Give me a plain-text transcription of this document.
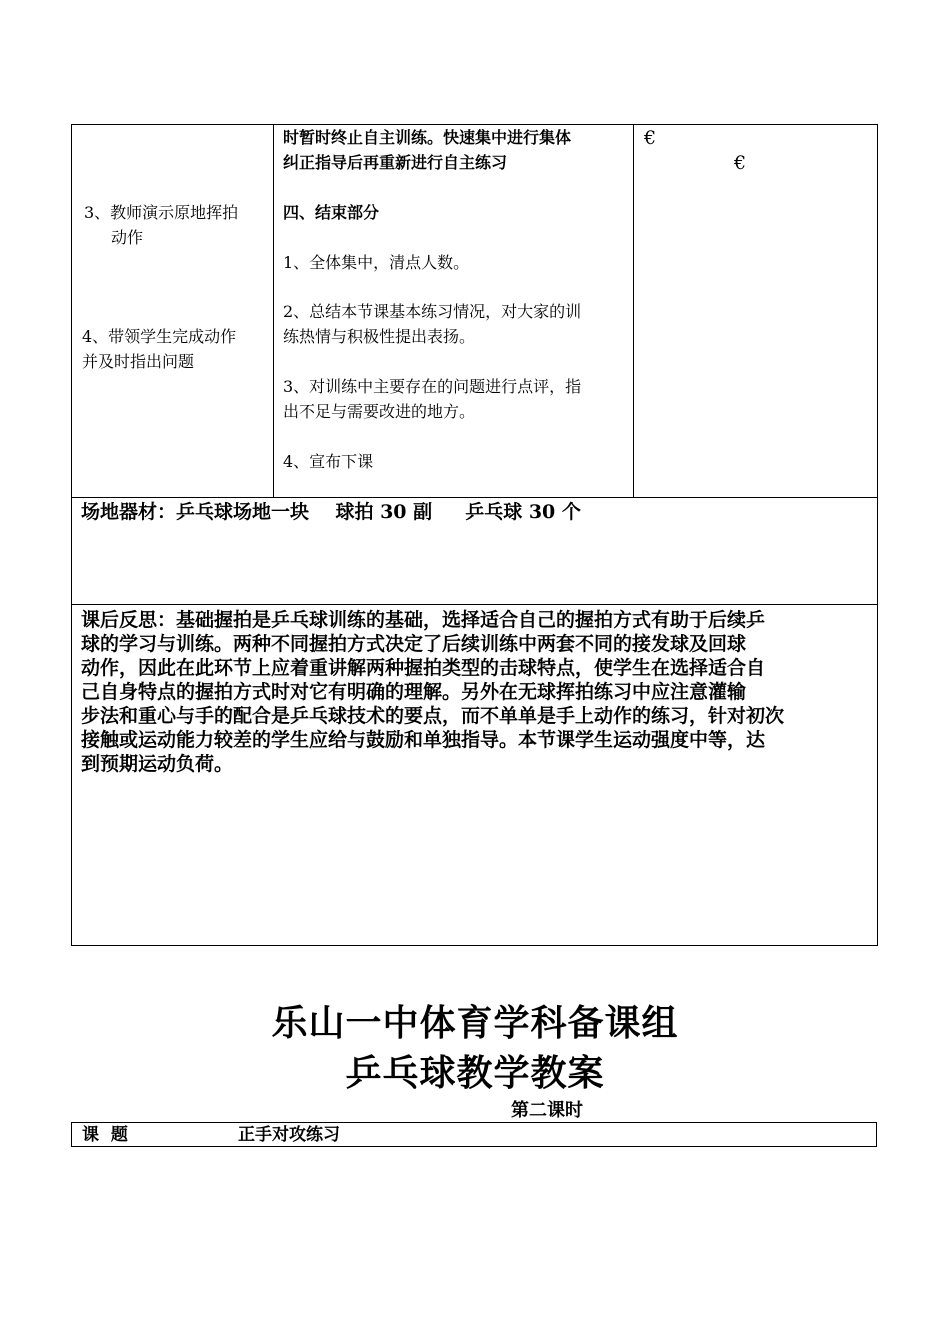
3、教师演示原地挥拍
动作
4、带领学生完成动作
并及时指出问题
时暂时终止自主训练。快速集中进行集体
纠正指导后再重新进行自主练习
四、结束部分
1、全体集中，清点人数。
2、总结本节课基本练习情况，对大家的训
练热情与积极性提出表扬。
3、对训练中主要存在的问题进行点评，指
出不足与需要改进的地方。
4、宣布下课
€
€
场地器材：乒乓球场地一块    球拍 30 副     乒乓球 30 个
课后反思：基础握拍是乒乓球训练的基础，选择适合自己的握拍方式有助于后续乒
球的学习与训练。两种不同握拍方式决定了后续训练中两套不同的接发球及回球
动作，因此在此环节上应着重讲解两种握拍类型的击球特点，使学生在选择适合自
己自身特点的握拍方式时对它有明确的理解。另外在无球挥拍练习中应注意灌输
步法和重心与手的配合是乒乓球技术的要点，而不单单是手上动作的练习，针对初次
接触或运动能力较差的学生应给与鼓励和单独指导。本节课学生运动强度中等，达
到预期运动负荷。
乐山一中体育学科备课组
乒乓球教学教案
第二课时
课  题	正手对攻练习
